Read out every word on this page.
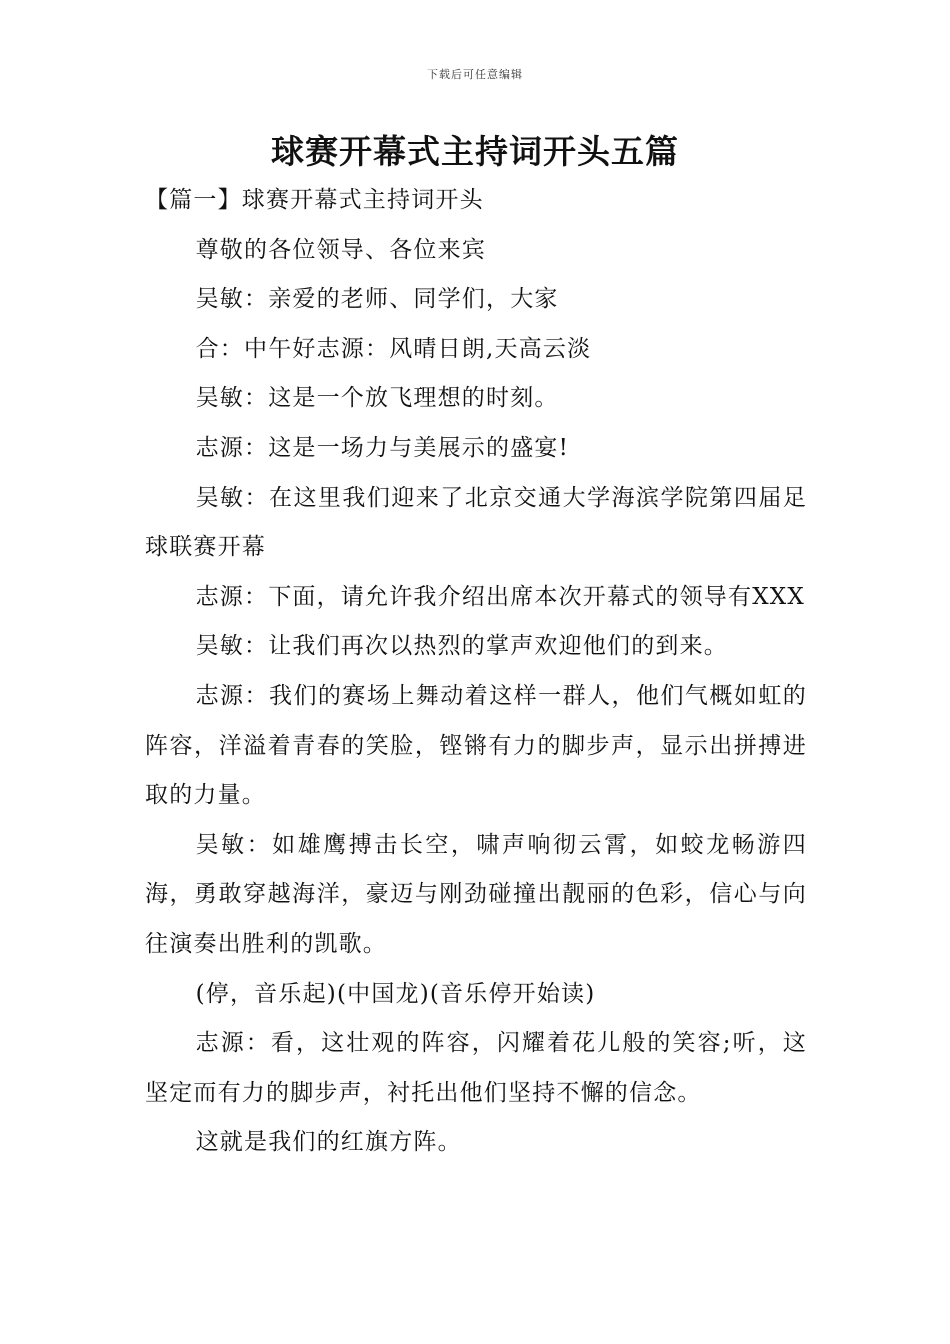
下载后可任意编辑
球赛开幕式主持词开头五篇

【篇一】球赛开幕式主持词开头

尊敬的各位领导、各位来宾

吴敏：亲爱的老师、同学们，大家

合：中午好志源：风晴日朗,天高云淡

吴敏：这是一个放飞理想的时刻。

志源：这是一场力与美展示的盛宴!

吴敏：在这里我们迎来了北京交通大学海滨学院第四届足球联赛开幕

志源：下面，请允许我介绍出席本次开幕式的领导有XXX

吴敏：让我们再次以热烈的掌声欢迎他们的到来。

志源：我们的赛场上舞动着这样一群人，他们气概如虹的阵容，洋溢着青春的笑脸，铿锵有力的脚步声，显示出拼搏进取的力量。

吴敏：如雄鹰搏击长空，啸声响彻云霄，如蛟龙畅游四海，勇敢穿越海洋，豪迈与刚劲碰撞出靓丽的色彩，信心与向往演奏出胜利的凯歌。

(停，音乐起)(中国龙)(音乐停开始读)

志源：看，这壮观的阵容，闪耀着花儿般的笑容;听，这坚定而有力的脚步声，衬托出他们坚持不懈的信念。

这就是我们的红旗方阵。
